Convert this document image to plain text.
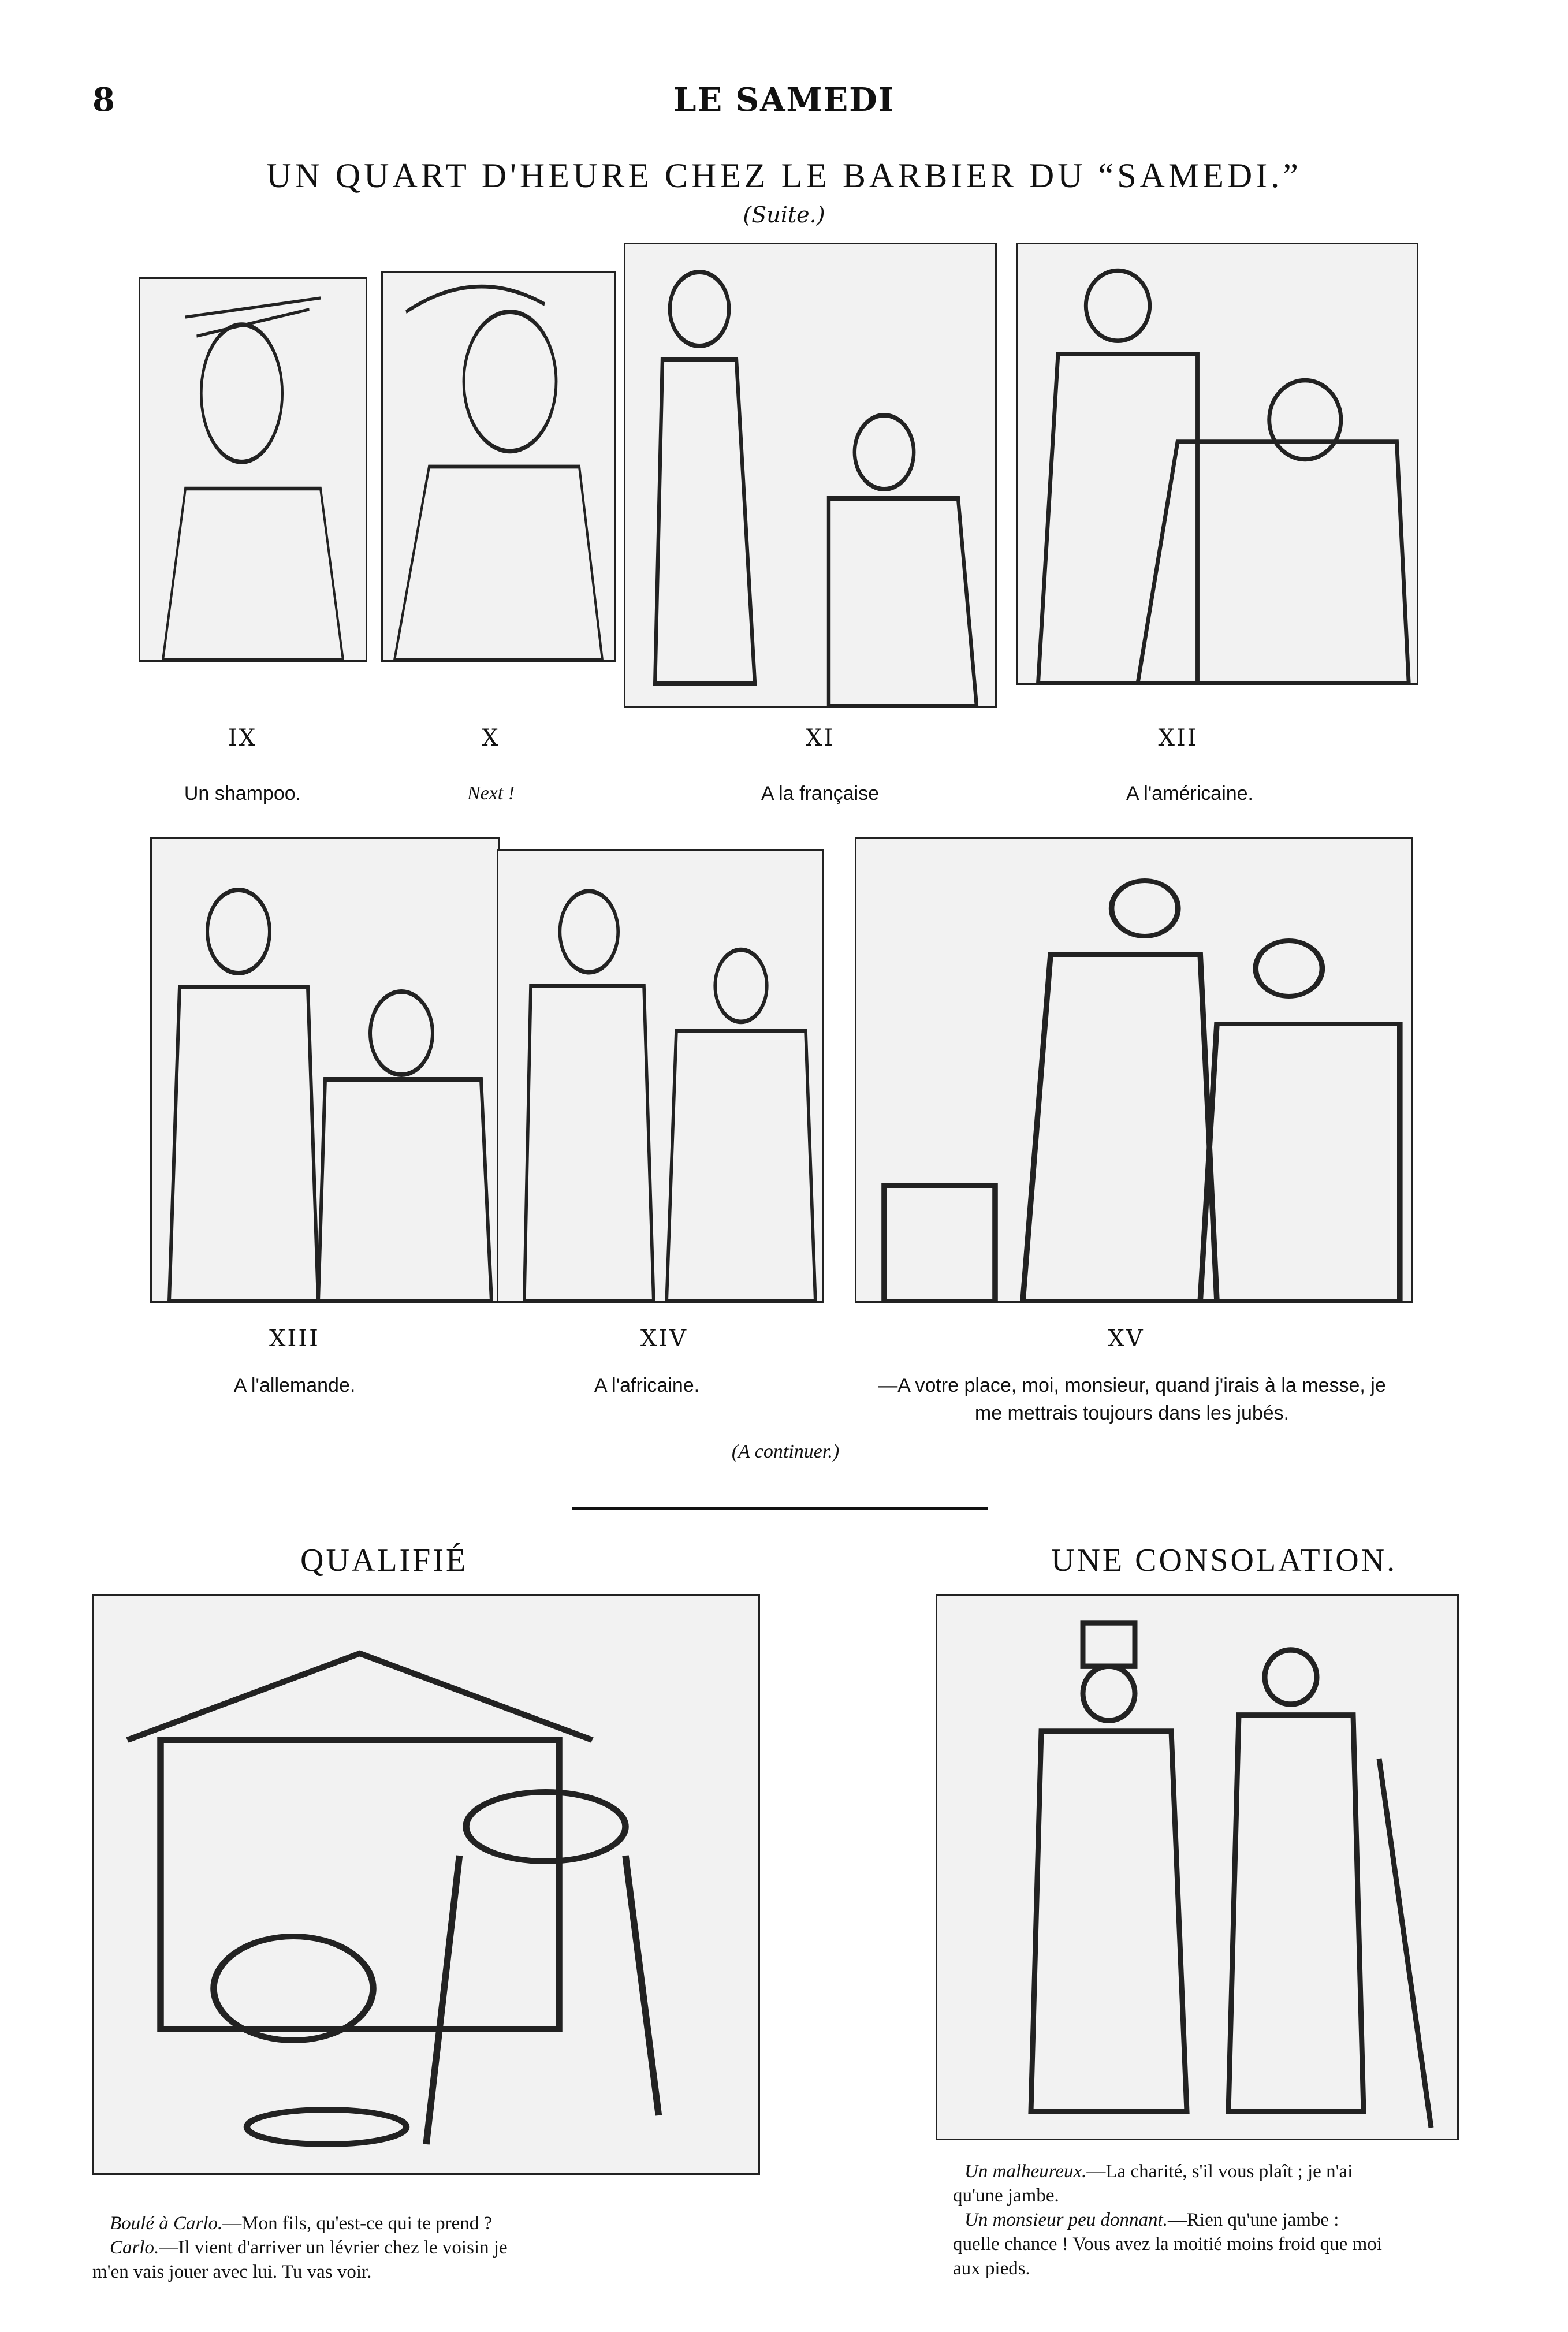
8	LE SAMEDI
UN QUART D'HEURE CHEZ LE BARBIER DU “SAMEDI.”
(Suite.)
IX	X	XI	XII
Un shampoo.	Next !	A la française	A l'américaine.
XIII	XIV	XV
A l'allemande.	A l'africaine.	—A votre place, moi, monsieur, quand j'irais à la messe, je
me mettrais toujours dans les jubés.
(A continuer.)
QUALIFIÉ
Boulé à Carlo.—Mon fils, qu'est-ce qui te prend ?
Carlo.—Il vient d'arriver un lévrier chez le voisin je
m'en vais jouer avec lui. Tu vas voir.
UNE CONSOLATION.
Un malheureux.—La charité, s'il vous plaît ; je n'ai
qu'une jambe.
Un monsieur peu donnant.—Rien qu'une jambe :
quelle chance ! Vous avez la moitié moins froid que moi
aux pieds.
